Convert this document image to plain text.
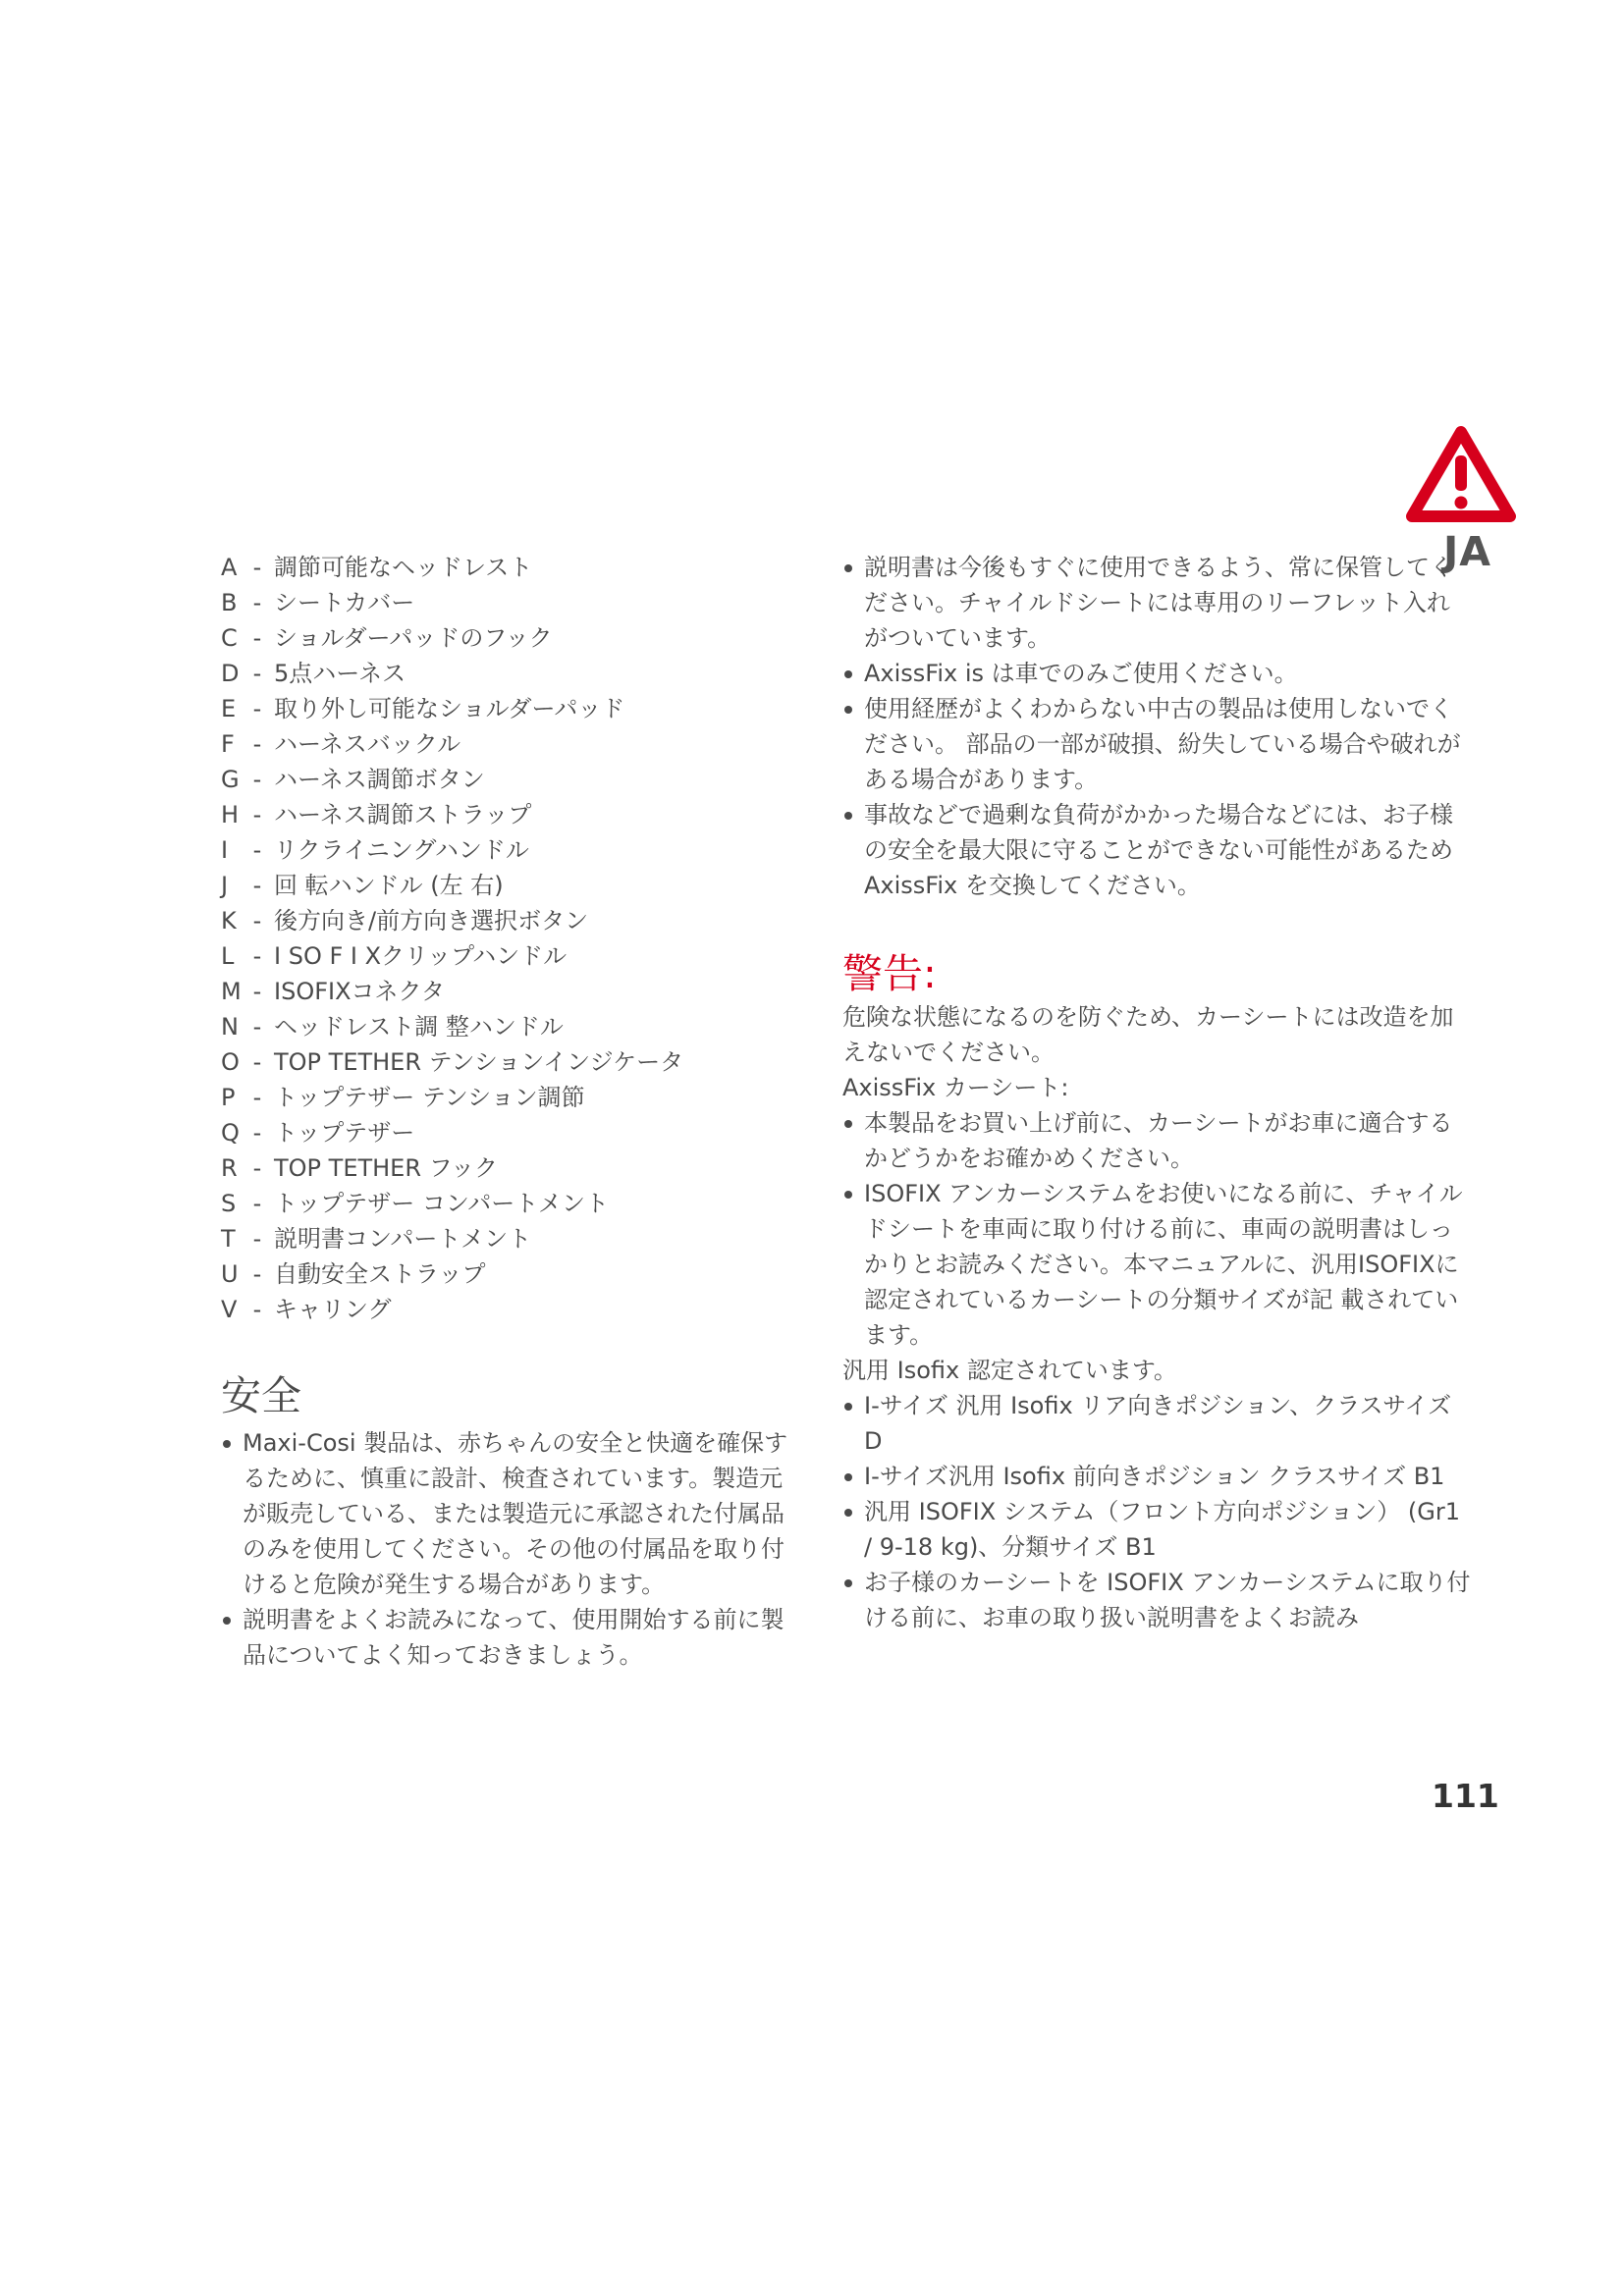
JA
A - 調節可能なヘッドレスト
B - シートカバー
C - ショルダーパッドのフック
D - 5点ハーネス
E - 取り外し可能なショルダーパッド
F - ハーネスバックル
G - ハーネス調節ボタン
H - ハーネス調節ストラップ
I	- リクライニングハンドル
J	- 回 転ハンドル (左 右)
K - 後方向き/前方向き選択ボタン
L - I SO F I Xクリップハンドル
M - ISOFIXコネクタ
N - ヘッドレスト調 整ハンドル
O - TOP TETHER テンションインジケータ
P - トップテザー テンション調節
Q - トップテザー
R - TOP TETHER フック
S - トップテザー コンパートメント
T - 説明書コンパートメント
U - 自動安全ストラップ
V - キャリング
安全
Maxi-Cosi 製品は、赤ちゃんの安全と快適を確保するために、慎重に設計、検査されています。製造元が販売している、または製造元に承認された付属品のみを使用してください。その他の付属品を取り付けると危険が発生する場合があります。
説明書をよくお読みになって、使用開始する前に製品についてよく知っておきましょう。
説明書は今後もすぐに使用できるよう、常に保管してください。チャイルドシートには専用のリーフレット入れがついています。
AxissFix is は車でのみご使用ください。
使用経歴がよくわからない中古の製品は使用しないでください。 部品の一部が破損、紛失している場合や破れがある場合があります。
事故などで過剰な負荷がかかった場合などには、お子様の安全を最大限に守ることができない可能性があるため AxissFix を交換してください。
警告:

危険な状態になるのを防ぐため、カーシートには改造を加えないでください。

AxissFix カーシート:

本製品をお買い上げ前に、カーシートがお車に適合するかどうかをお確かめください。
ISOFIX アンカーシステムをお使いになる前に、チャイルドシートを車両に取り付ける前に、車両の説明書はしっかりとお読みください。本マニュアルに、汎用ISOFIXに認定されているカーシートの分類サイズが記 載されています。

汎用 Isofix 認定されています。

I-サイズ 汎用 Isofix リア向きポジション、クラスサイズ D
I-サイズ汎用 Isofix 前向きポジション クラスサイズ B1
汎用 ISOFIX システム（フロント方向ポジション） (Gr1 / 9-18 kg)、分類サイズ B1
お子様のカーシートを ISOFIX アンカーシステムに取り付ける前に、お車の取り扱い説明書をよくお読み
111
